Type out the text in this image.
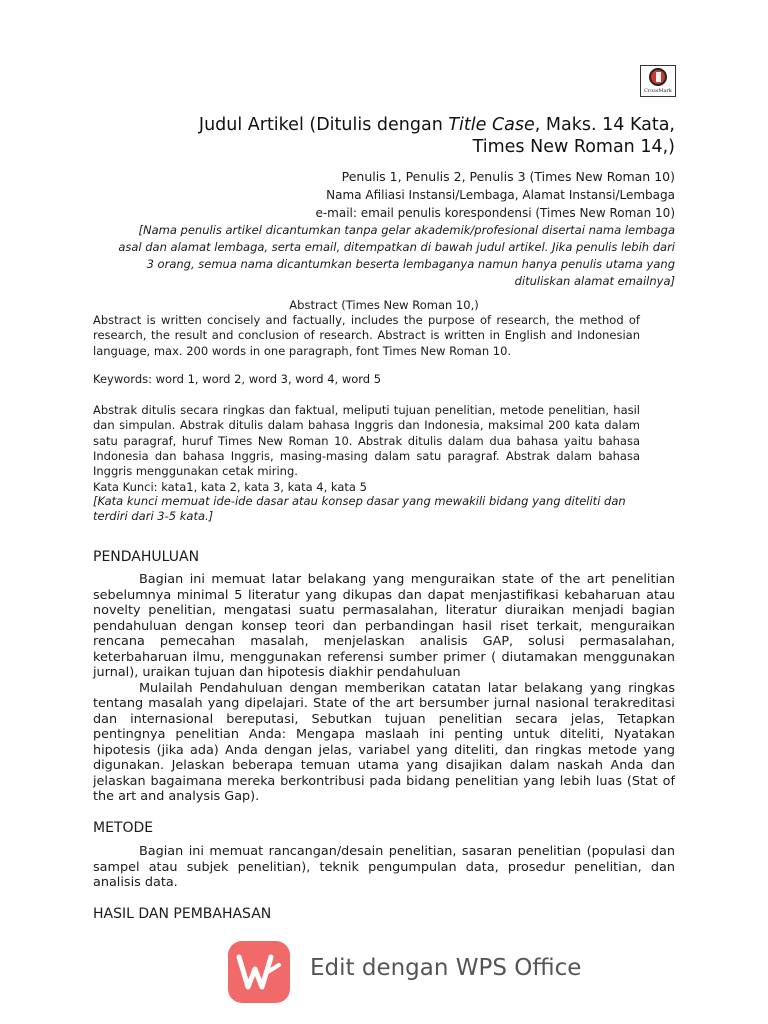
CrossMark
Judul Artikel (Ditulis dengan Title Case, Maks. 14 Kata,
Times New Roman 14,)
Penulis 1, Penulis 2, Penulis 3 (Times New Roman 10)
Nama Afiliasi Instansi/Lembaga, Alamat Instansi/Lembaga
e-mail: email penulis korespondensi (Times New Roman 10)
[Nama penulis artikel dicantumkan tanpa gelar akademik/profesional disertai nama lembaga asal dan alamat lembaga, serta email, ditempatkan di bawah judul artikel. Jika penulis lebih dari 3 orang, semua nama dicantumkan beserta lembaganya namun hanya penulis utama yang dituliskan alamat emailnya]
Abstract (Times New Roman 10,)
Abstract is written concisely and factually, includes the purpose of research, the method of research, the result and conclusion of research. Abstract is written in English and Indonesian language, max. 200 words in one paragraph, font Times New Roman 10.
Keywords: word 1, word 2, word 3, word 4, word 5
Abstrak ditulis secara ringkas dan faktual, meliputi tujuan penelitian, metode penelitian, hasil dan simpulan. Abstrak ditulis dalam bahasa Inggris dan Indonesia, maksimal 200 kata dalam satu paragraf, huruf Times New Roman 10. Abstrak ditulis dalam dua bahasa yaitu bahasa Indonesia dan bahasa Inggris, masing-masing dalam satu paragraf. Abstrak dalam bahasa Inggris menggunakan cetak miring.
Kata Kunci: kata1, kata 2, kata 3, kata 4, kata 5
[Kata kunci memuat ide-ide dasar atau konsep dasar yang mewakili bidang yang diteliti dan terdiri dari 3-5 kata.]
PENDAHULUAN

Bagian ini memuat latar belakang yang menguraikan state of the art penelitian sebelumnya minimal 5 literatur yang dikupas dan dapat menjastifikasi kebaharuan atau novelty penelitian, mengatasi suatu permasalahan, literatur diuraikan menjadi bagian pendahuluan dengan konsep teori dan perbandingan hasil riset terkait, menguraikan rencana pemecahan masalah, menjelaskan analisis GAP, solusi permasalahan, keterbaharuan ilmu, menggunakan referensi sumber primer ( diutamakan menggunakan jurnal), uraikan tujuan dan hipotesis diakhir pendahuluan

Mulailah Pendahuluan dengan memberikan catatan latar belakang yang ringkas tentang masalah yang dipelajari. State of the art bersumber jurnal nasional terakreditasi dan internasional bereputasi, Sebutkan tujuan penelitian secara jelas, Tetapkan pentingnya penelitian Anda: Mengapa maslaah ini penting untuk diteliti, Nyatakan hipotesis (jika ada) Anda dengan jelas, variabel yang diteliti, dan ringkas metode yang digunakan. Jelaskan beberapa temuan utama yang disajikan dalam naskah Anda dan jelaskan bagaimana mereka berkontribusi pada bidang penelitian yang lebih luas (Stat of the art and analysis Gap).

METODE

Bagian ini memuat rancangan/desain penelitian, sasaran penelitian (populasi dan sampel atau subjek penelitian), teknik pengumpulan data, prosedur penelitian, dan analisis data.

HASIL DAN PEMBAHASAN
Edit dengan WPS Office
